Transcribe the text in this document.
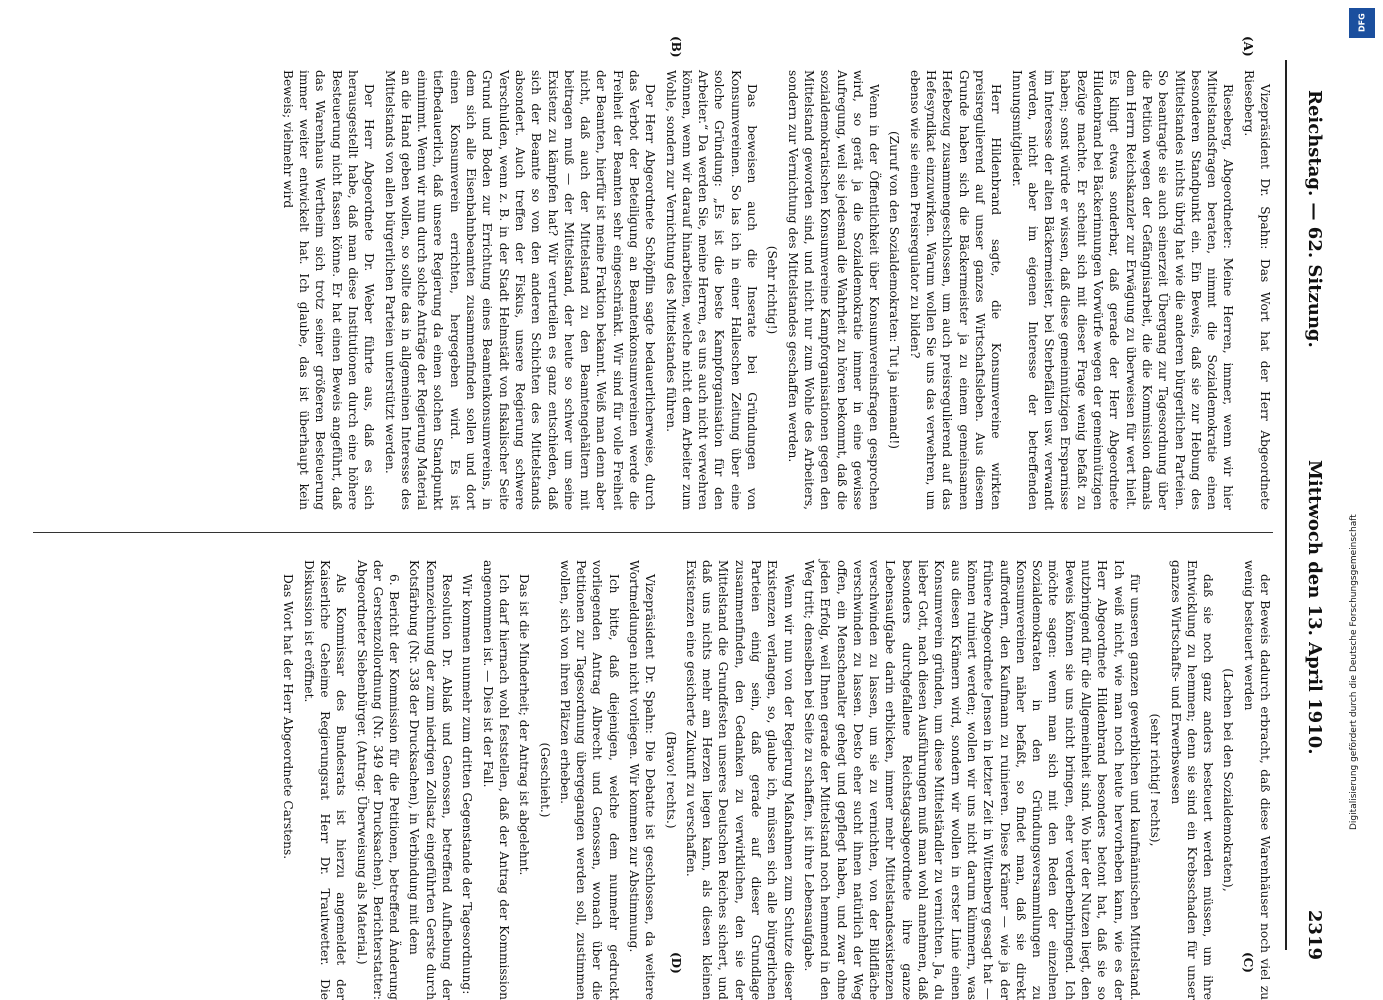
Reichstag. — 62. Sitzung.
Mittwoch den 13. April 1910.
2319
(A)
(B)
(C)
(D)

Vizepräsident Dr. Spahn: Das Wort hat der Herr Abgeordnete Rieseberg.

Rieseberg, Abgeordneter: Meine Herren, immer, wenn wir hier Mittelstandsfragen beraten, nimmt die Sozialdemokratie einen besonderen Standpunkt ein. Ein Beweis, daß sie zur Hebung des Mittelstandes nichts übrig hat wie die anderen bürgerlichen Parteien. So beantragte sie auch seinerzeit Übergang zur Tagesordnung über die Petition wegen der Gefängnisarbeit, die die Kommission damals dem Herrn Reichskanzler zur Erwägung zu überweisen für wert hielt. Es klingt etwas sonderbar, daß gerade der Herr Abgeordnete Hildenbrand bei Bäckerinnungen Vorwürfe wegen der gemeinnützigen Bezüge machte. Er scheint sich mit dieser Frage wenig befaßt zu haben; sonst würde er wissen, daß diese gemeinnützigen Ersparnisse im Interesse der alten Bäckermeister, bei Sterbefällen usw. verwandt werden, nicht aber im eigenen Interesse der betreffenden Innungsmitglieder.

Herr Hildenbrand sagte, die Konsumvereine wirkten preisregulierend auf unser ganzes Wirtschaftsleben. Aus diesem Grunde haben sich die Bäckermeister ja zu einem gemeinsamen Hefebezug zusammengeschlossen, um auch preisregulierend auf das Hefesyndikat einzuwirken. Warum wollen Sie uns das verwehren, um ebenso wie sie einen Preisregulator zu bilden?

(Zuruf von den Sozialdemokraten: Tut ja niemand!)

Wenn in der Öffentlichkeit über Konsumvereinsfragen gesprochen wird, so gerät ja die Sozialdemokratie immer in eine gewisse Aufregung, weil sie jedesmal die Wahrheit zu hören bekommt, daß die sozialdemokratischen Konsumvereine Kampforganisationen gegen den Mittelstand geworden sind, und nicht nur zum Wohle des Arbeiters, sondern zur Vernichtung des Mittelstandes geschaffen werden.

(Sehr richtig!)

Das beweisen auch die Inserate bei Gründungen von Konsumvereinen. So las ich in einer Halleschen Zeitung über eine solche Gründung: „Es ist die beste Kampforganisation für den Arbeiter.“ Da werden Sie, meine Herren, es uns auch nicht verwehren können, wenn wir darauf hinarbeiten, welche nicht dem Arbeiter zum Wohle, sondern zur Vernichtung des Mittelstandes führen.

Der Herr Abgeordnete Schöpflin sagte bedauerlicherweise, durch das Verbot der Beteiligung an Beamtenkonsumvereinen werde die Freiheit der Beamten sehr eingeschränkt. Wir sind für volle Freiheit der Beamten, hierfür ist meine Fraktion bekannt. Weiß man denn aber nicht, daß auch der Mittelstand zu den Beamtengehältern mit beitragen muß — der Mittelstand, der heute so schwer um seine Existenz zu kämpfen hat? Wir verurteilen es ganz entschieden, daß sich der Beamte so von den anderen Schichten des Mittelstands absondert. Auch treffen der Fiskus, unsere Regierung schwere Verschulden, wenn z. B. in der Stadt Helmstädt von fiskalischer Seite Grund und Boden zur Errichtung eines Beamtenkonsumvereins, in dem sich alle Eisenbahnbeamten zusammenfinden sollen und dort einen Konsumverein errichten, hergegeben wird. Es ist tiefbedauerlich, daß unsere Regierung da einen solchen Standpunkt einnimmt. Wenn wir nun durch solche Anträge der Regierung Material an die Hand geben wollen, so sollte das in allgemeinen Interesse des Mittelstands von allen bürgerlichen Parteien unterstützt werden.

Der Herr Abgeordnete Dr. Weber führte aus, daß es sich herausgestellt habe, daß man diese Institutionen durch eine höhere Besteuerung nicht fassen könne. Er hat einen Beweis angeführt, daß das Warenhaus Wertheim sich trotz seiner größeren Besteuerung immer weiter entwickelt hat. Ich glaube, das ist überhaupt kein Beweis; vielmehr wird

der Beweis dadurch erbracht, daß diese Warenhäuser noch viel zu wenig besteuert werden

(Lachen bei den Sozialdemokraten),

daß sie noch ganz anders besteuert werden müssen, um ihre Entwicklung zu hemmen; denn sie sind ein Krebsschaden für unser ganzes Wirtschafts- und Erwerbswesen

(sehr richtig! rechts),

für unseren ganzen gewerblichen und kaufmännischen Mittelstand. Ich weiß nicht, wie man noch heute hervorheben kann, wie es der Herr Abgeordnete Hildenbrand besonders betont hat, daß sie so nutzbringend für die Allgemeinheit sind. Wo hier der Nutzen liegt, den Beweis können sie uns nicht bringen, eher verderbenbringend. Ich möchte sagen: wenn man sich mit den Reden der einzelnen Sozialdemokraten in den Gründungsversammlungen zu Konsumvereinen näher befaßt, so findet man, daß sie direkt auffordern, den Kaufmann zu ruinieren. Diese Krämer — wie ja der frühere Abgeordnete Jensen in letzter Zeit in Wittenberg gesagt hat — können ruiniert werden; wollen wir uns nicht darum kümmern, was aus diesen Krämern wird, sondern wir wollen in erster Linie einen Konsumverein gründen, um diese Mittelständler zu vernichten. Ja, du lieber Gott, nach diesen Ausführungen muß man wohl annehmen, daß besonders durchgefallene Reichstagsabgeordnete ihre ganze Lebensaufgabe darin erblicken, immer mehr Mittelstandsexistenzen verschwinden zu lassen, um sie zu vernichten, von der Bildfläche verschwinden zu lassen. Desto eher sucht ihnen natürlich der Weg offen, ein Menschenalter gehegt und gepflegt haben, und zwar ohne jeden Erfolg, weil Ihnen gerade der Mittelstand noch hemmend in den Weg tritt; denselben bei Seite zu schaffen, ist ihre Lebensaufgabe.

Wenn wir nun von der Regierung Maßnahmen zum Schutze dieser Existenzen verlangen, so, glaube ich, müssen sich alle bürgerlichen Parteien einig sein, daß gerade auf dieser Grundlage zusammenfinden, den Gedanken zu verwirklichen, den sie der Mittelstand die Grundfesten unseres Deutschen Reiches sichert, und daß uns nichts mehr am Herzen liegen kann, als diesen kleinen Existenzen eine gesicherte Zukunft zu verschaffen.

(Bravo! rechts.)

Vizepräsident Dr. Spahn: Die Debatte ist geschlossen, da weitere Wortmeldungen nicht vorliegen. Wir kommen zur Abstimmung.

Ich bitte, daß diejenigen, welche dem nunmehr gedruckt vorliegenden Antrag Albrecht und Genossen, wonach über die Petitionen zur Tagesordnung übergegangen werden soll, zustimmen wollen, sich von ihren Plätzen erheben.

(Geschieht.)

Das ist die Minderheit; der Antrag ist abgelehnt.

Ich darf hiernach wohl feststellen, daß der Antrag der Kommission angenommen ist. — Dies ist der Fall.

Wir kommen nunmehr zum dritten Gegenstande der Tagesordnung:

Resolution Dr. Ablaß und Genossen, betreffend Aufhebung der Kennzeichnung der zum niedrigen Zollsatz eingeführten Gerste durch Kotsfärbung (Nr. 338 der Drucksachen), in Verbindung mit dem

6. Bericht der Kommission für die Petitionen, betreffend Änderung der Gerstenzollordnung (Nr. 349 der Drucksachen). Berichterstatter: Abgeordneter Siebenbürger. (Antrag: Überweisung als Material.)

Als Kommissar des Bundesrats ist hierzu angemeldet der Kaiserliche Geheime Regierungsrat Herr Dr. Trautwetter. Die Diskussion ist eröffnet.

Das Wort hat der Herr Abgeordnete Carstens.	Digitalisierung gefördert durch die Deutsche Forschungsgemeinschaft
DFG
